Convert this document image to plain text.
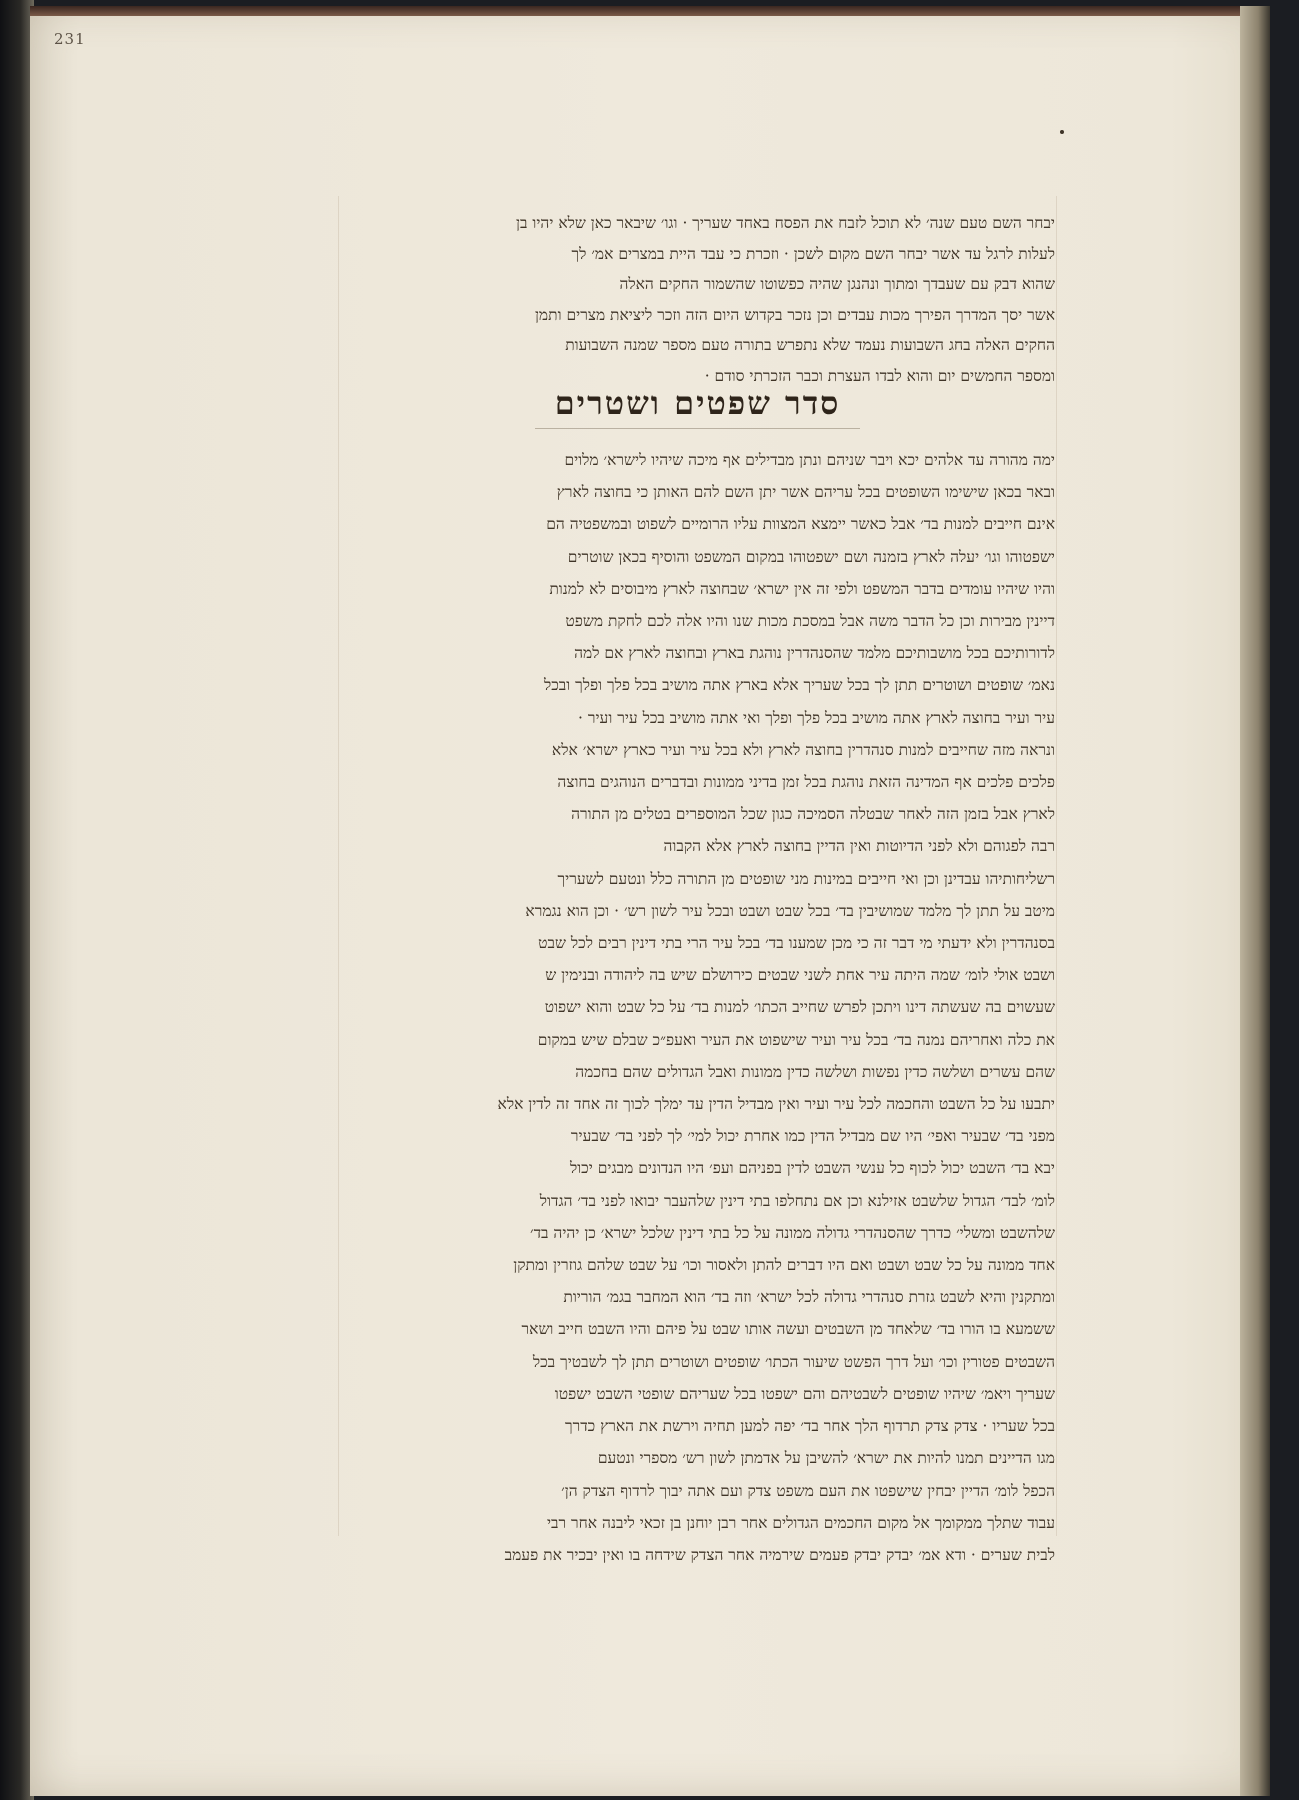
231
יבחר השם טעם שנה׳ לא תוכל לזבח את הפסח באחד שעריך · וגו׳ שיבאר כאן שלא יהיו בן
לעלות לרגל עד אשר יבחר השם מקום לשכן · וזכרת כי עבד היית במצרים אמ׳ לך
שהוא דבק עם שעבדך ומתוך ונהנגן שהיה כפשוטו שהשמור החקים האלה
אשר יסך המדרך הפירך מכות עבדים וכן נזכר בקדוש היום הזה וזכר ליציאת מצרים ותמן
החקים האלה בחג השבועות נעמד שלא נתפרש בתורה טעם מספר שמנה השבועות
ומספר החמשים יום והוא לבדו העצרת וכבר הזכרתי סודם ·
סדר שפטים ושטרים
ימה מהורה עד אלהים יכא ויבר שניהם ונתן מבדילים אף מיכה שיהיו לישרא׳ מלוים
ובאר בכאן שישימו השופטים בכל עריהם אשר יתן השם להם האותן כי בחוצה לארץ
אינם חייבים למנות בד׳ אבל כאשר יימצא המצוות עליו הרומיים לשפוט ובמשפטיה הם
ישפטוהו וגו׳ יעלה לארץ בזמנה ושם ישפטוהו במקום המשפט והוסיף בכאן שוטרים
והיו שיהיו עומדים בדבר המשפט ולפי זה אין ישרא׳ שבחוצה לארץ מיבוסים לא למנות
דיינין מבירות וכן כל הדבר משה אבל במסכת מכות שנו והיו אלה לכם לחקת משפט
לדורותיכם בכל מושבותיכם מלמד שהסנהדרין נוהגת בארץ ובחוצה לארץ אם למה
נאמ׳ שופטים ושוטרים תתן לך בכל שעריך אלא בארץ אתה מושיב בכל פלך ופלך ובכל
עיר ועיר בחוצה לארץ אתה מושיב בכל פלך ופלך ואי אתה מושיב בכל עיר ועיר ·
ונראה מזה שחייבים למנות סנהדרין בחוצה לארץ ולא בכל עיר ועיר כארץ ישרא׳ אלא
פלכים פלכים אף המדינה הזאת נוהגת בכל זמן בדיני ממונות ובדברים הנוהגים בחוצה
לארץ אבל בזמן הזה לאחר שבטלה הסמיכה כגון שכל המוספרים בטלים מן התורה
רבה לפגוהם ולא לפני הדיוטות ואין הדיין בחוצה לארץ אלא הקבוה
רשליחותיהו עבדינן וכן ואי חייבים במינות מני שופטים מן התורה כלל ונטעם לשעריך
מיטב על תתן לך מלמד שמושיבין בד׳ בכל שבט ושבט ובכל עיר לשון רש׳ · וכן הוא נגמרא
בסנהדרין ולא ידעתי מי דבר זה כי מכן שמענו בד׳ בכל עיר הרי בתי דינין רבים לכל שבט
ושבט אולי לומ׳ שמה היתה עיר אחת לשני שבטים כירושלם שיש בה ליהודה ובנימין ש
שעשוים בה שעשתה דינו ויתכן לפרש שחייב הכתו׳ למנות בד׳ על כל שבט והוא ישפוט
את כלה ואחריהם נמנה בד׳ בכל עיר ועיר שישפוט את העיר ואעפ״כ שבלם שיש במקום
שהם עשרים ושלשה כדין נפשות ושלשה כדין ממונות ואבל הגדולים שהם בחכמה
יתבעו על כל השבט והחכמה לכל עיר ועיר ואין מבדיל הדין עד ימלך לכוך זה אחד זה לדין אלא
מפני בד׳ שבעיר ואפי׳ היו שם מבדיל הדין כמו אחרת יכול למי׳ לך לפני בד׳ שבעיר
יבא בד׳ השבט יכול לכוף כל ענשי השבט לדין בפניהם ועפ׳ היו הנדונים מבגים יכול
לומ׳ לבד׳ הגדול שלשבט אזילנא וכן אם נתחלפו בתי דינין שלהעבר יבואו לפני בד׳ הגדול
שלהשבט ומשלי׳ כדרך שהסנהדרי גדולה ממונה על כל בתי דינין שלכל ישרא׳ כן יהיה בד׳
אחד ממונה על כל שבט ושבט ואם היו דברים להתן ולאסור וכו׳ על שבט שלהם גוזרין ומתקן
ומתקנין והיא לשבט גזרת סנהדרי גדולה לכל ישרא׳ וזה בד׳ הוא המחבר בגמ׳ הוריות
ששמעא בו הורו בד׳ שלאחד מן השבטים ועשה אותו שבט על פיהם והיו השבט חייב ושאר
השבטים פטורין וכו׳ ועל דרך הפשט שיעור הכתו׳ שופטים ושוטרים תתן לך לשבטיך בכל
שעריך ויאמ׳ שיהיו שופטים לשבטיהם והם ישפטו בכל שעריהם שופטי השבט ישפטו
בכל שעריו · צדק צדק תרדוף הלך אחר בד׳ יפה למען תחיה וירשת את הארץ כדרך
מגו הדיינים תמנו להיות את ישרא׳ להשיבן על אדמתן לשון רש׳ מספרי ונטעם
הכפל לומ׳ הדיין יבחין שישפטו את העם משפט צדק ועם אתה יבוך לרדוף הצדק הן׳
עבוד שתלך ממקומך אל מקום החכמים הגדולים אחר רבן יוחנן בן זכאי ליבנה אחר רבי
לבית שערים · ודא אמ׳ יבדק יבדק פעמים שירמיה אחר הצדק שידחה בו ואין יבכיר את פעמב
